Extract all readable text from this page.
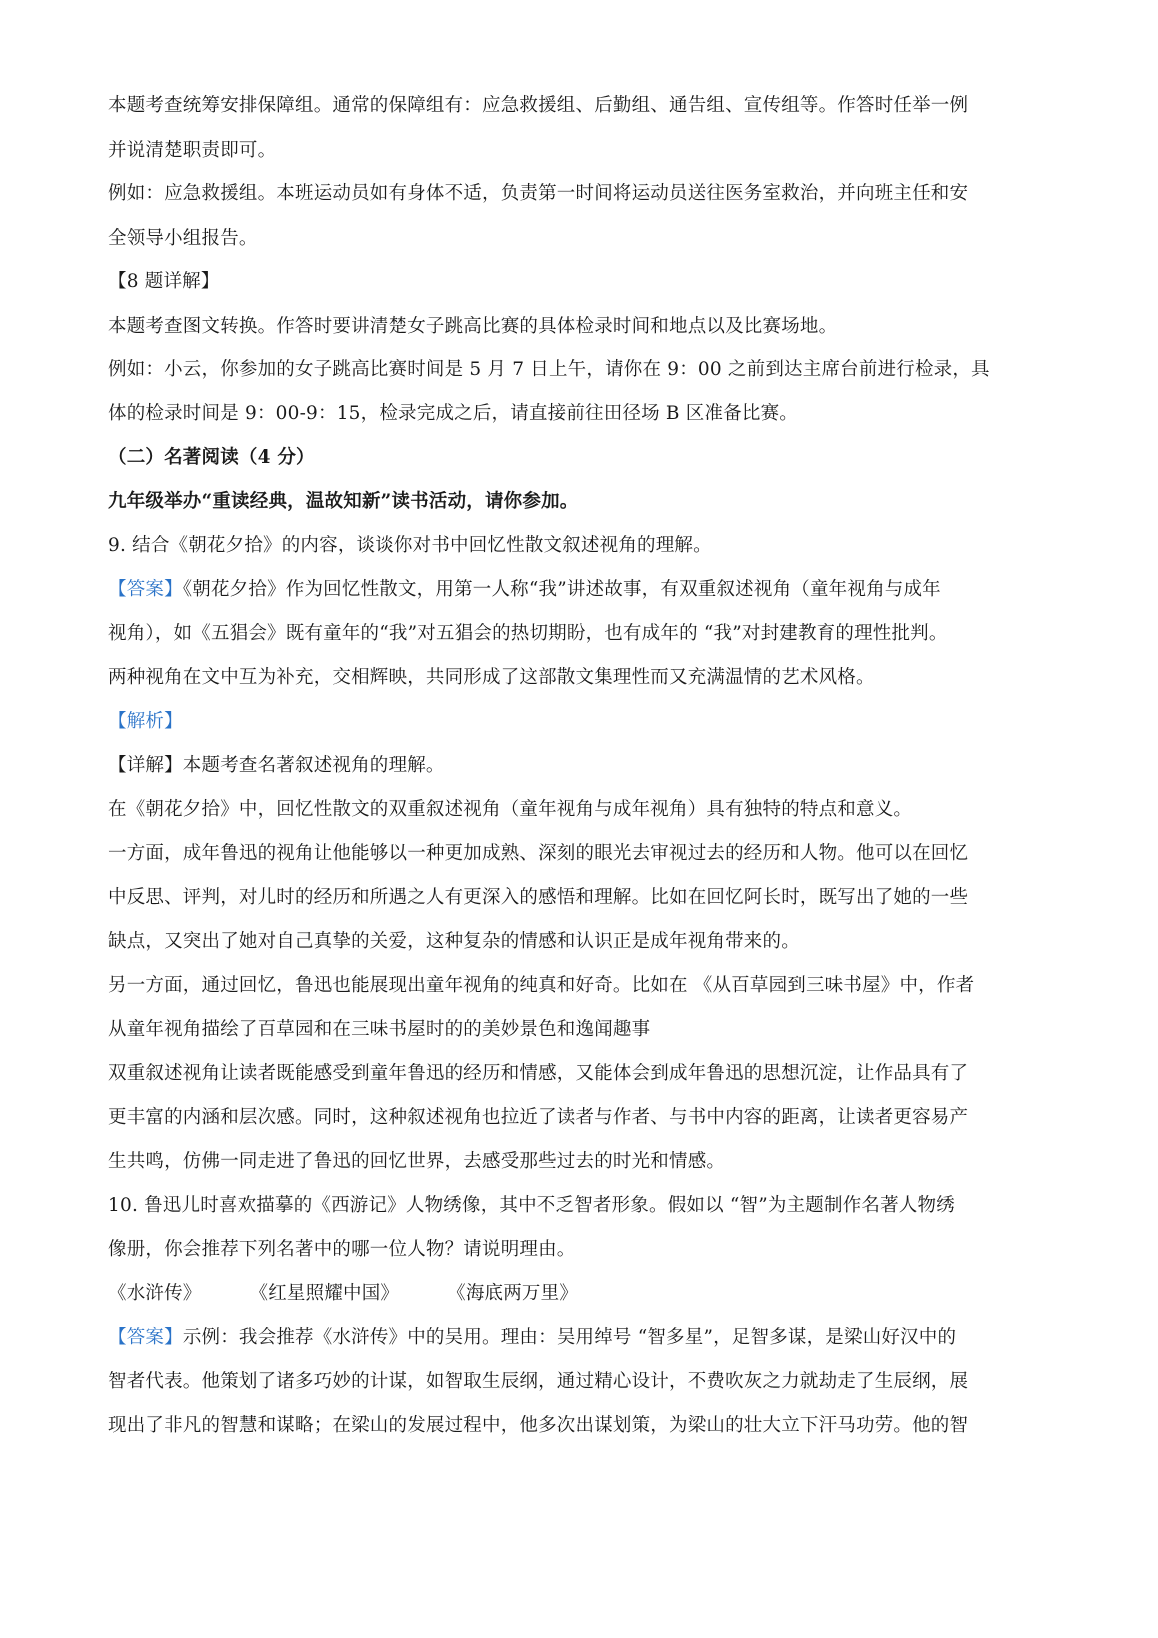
本题考查统筹安排保障组。通常的保障组有：应急救援组、后勤组、通告组、宣传组等。作答时任举一例
并说清楚职责即可。
例如：应急救援组。本班运动员如有身体不适，负责第一时间将运动员送往医务室救治，并向班主任和安
全领导小组报告。
【8 题详解】
本题考查图文转换。作答时要讲清楚女子跳高比赛的具体检录时间和地点以及比赛场地。
例如：小云，你参加的女子跳高比赛时间是 5 月 7 日上午，请你在 9：00 之前到达主席台前进行检录，具
体的检录时间是 9：00-9：15，检录完成之后，请直接前往田径场 B 区准备比赛。
（二）名著阅读（4 分）
九年级举办“重读经典，温故知新”读书活动，请你参加。
9. 结合《朝花夕拾》的内容，谈谈你对书中回忆性散文叙述视角的理解。
【答案】《朝花夕拾》作为回忆性散文，用第一人称“我”讲述故事，有双重叙述视角（童年视角与成年
视角），如《五猖会》既有童年的“我”对五猖会的热切期盼，也有成年的 “我”对封建教育的理性批判。
两种视角在文中互为补充，交相辉映，共同形成了这部散文集理性而又充满温情的艺术风格。
【解析】
【详解】本题考查名著叙述视角的理解。
在《朝花夕拾》中，回忆性散文的双重叙述视角（童年视角与成年视角）具有独特的特点和意义。
一方面，成年鲁迅的视角让他能够以一种更加成熟、深刻的眼光去审视过去的经历和人物。他可以在回忆
中反思、评判，对儿时的经历和所遇之人有更深入的感悟和理解。比如在回忆阿长时，既写出了她的一些
缺点，又突出了她对自己真挚的关爱，这种复杂的情感和认识正是成年视角带来的。
另一方面，通过回忆，鲁迅也能展现出童年视角的纯真和好奇。比如在 《从百草园到三味书屋》中，作者
从童年视角描绘了百草园和在三味书屋时的的美妙景色和逸闻趣事
双重叙述视角让读者既能感受到童年鲁迅的经历和情感，又能体会到成年鲁迅的思想沉淀，让作品具有了
更丰富的内涵和层次感。同时，这种叙述视角也拉近了读者与作者、与书中内容的距离，让读者更容易产
生共鸣，仿佛一同走进了鲁迅的回忆世界，去感受那些过去的时光和情感。
10. 鲁迅儿时喜欢描摹的《西游记》人物绣像，其中不乏智者形象。假如以 “智”为主题制作名著人物绣
像册，你会推荐下列名著中的哪一位人物？请说明理由。
《水浒传》	《红星照耀中国》	《海底两万里》
【答案】示例：我会推荐《水浒传》中的吴用。理由：吴用绰号 “智多星”，足智多谋，是梁山好汉中的
智者代表。他策划了诸多巧妙的计谋，如智取生辰纲，通过精心设计，不费吹灰之力就劫走了生辰纲，展
现出了非凡的智慧和谋略；在梁山的发展过程中，他多次出谋划策，为梁山的壮大立下汗马功劳。他的智
